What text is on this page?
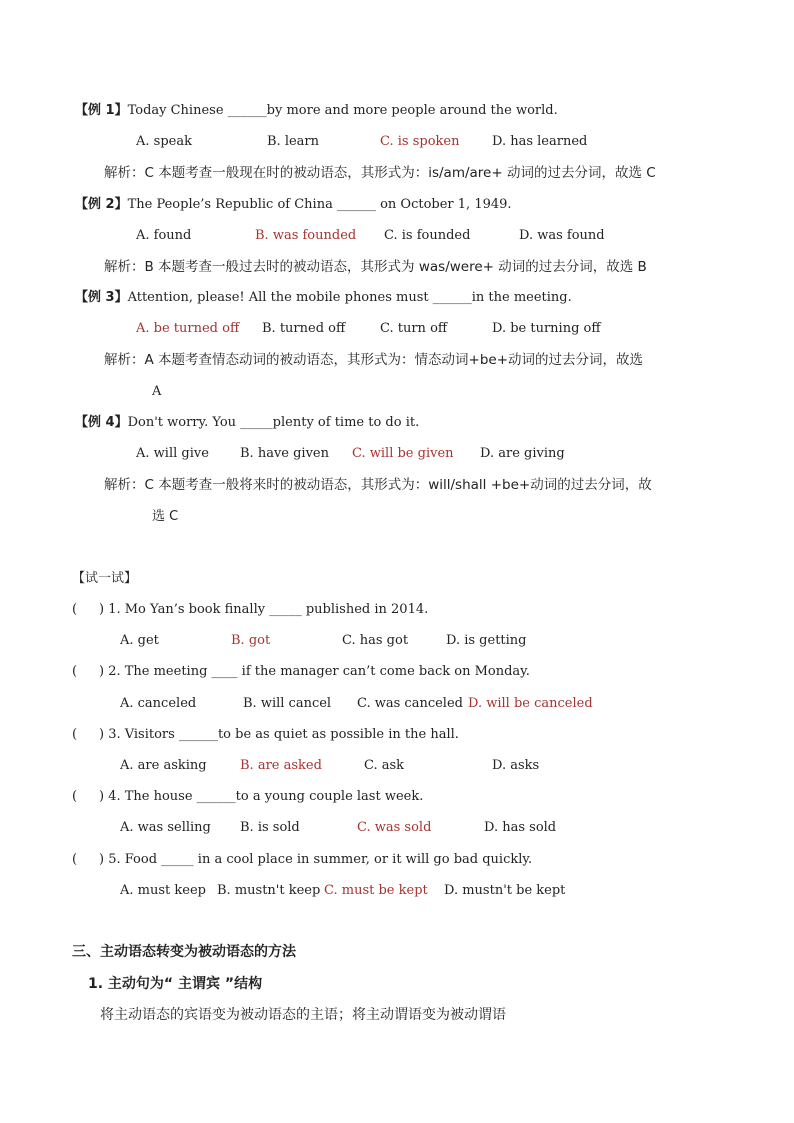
【例 1】Today Chinese ______by more and more people around the world.
A. speak	B. learn	C. is spoken	D. has learned
解析：C 本题考查一般现在时的被动语态，其形式为：is/am/are+ 动词的过去分词，故选 C
【例 2】The People’s Republic of China ______ on October 1, 1949.
A. found	B. was founded C. is founded	D. was found
解析：B 本题考查一般过去时的被动语态，其形式为 was/were+ 动词的过去分词，故选 B
【例 3】Attention, please! All the mobile phones must ______in the meeting.
A. be turned off B. turned off	C. turn off	D. be turning off
解析：A 本题考查情态动词的被动语态，其形式为：情态动词+be+动词的过去分词，故选
A
【例 4】Don't worry. You _____plenty of time to do it.
A. will give B. have given C. will be given D. are giving
解析：C 本题考查一般将来时的被动语态，其形式为：will/shall +be+动词的过去分词，故
选 C
【试一试】
( ) 1. Mo Yan’s book finally _____ published in 2014.
A. get	B. got	C. has got	D. is getting
( ) 2. The meeting ____ if the manager can’t come back on Monday.
A. canceled	B. will cancel C. was canceled D. will be canceled
( ) 3. Visitors ______to be as quiet as possible in the hall.
A. are asking	B. are asked	C. ask	D. asks
( ) 4. The house ______to a young couple last week.
A. was selling B. is sold	C. was sold	D. has sold
( ) 5. Food _____ in a cool place in summer, or it will go bad quickly.
A. must keep B. mustn't keep C. must be kept D. mustn't be kept
三、主动语态转变为被动语态的方法
1. 主动句为“ 主谓宾 ”结构
将主动语态的宾语变为被动语态的主语；将主动谓语变为被动谓语
